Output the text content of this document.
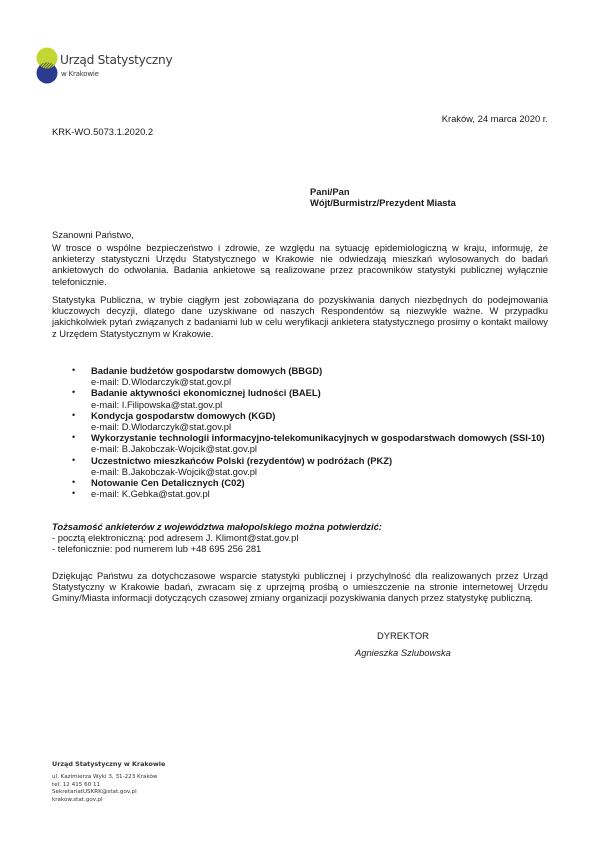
Urząd Statystyczny
w Krakowie
Kraków, 24 marca 2020 r.
KRK-WO.5073.1.2020.2
Pani/Pan
Wójt/Burmistrz/Prezydent Miasta
Szanowni Państwo,
W trosce o wspólne bezpieczeństwo i zdrowie, ze względu na sytuację epidemiologiczną w kraju, informuję, że ankieterzy statystyczni Urzędu Statystycznego w Krakowie nie odwiedzają mieszkań wylosowanych do badań ankietowych do odwołania. Badania ankietowe są realizowane przez pracowników statystyki publicznej wyłącznie telefonicznie.
Statystyka Publiczna, w trybie ciągłym jest zobowiązana do pozyskiwania danych niezbędnych do podejmowania kluczowych decyzji, dlatego dane uzyskiwane od naszych Respondentów są niezwykle ważne. W przypadku jakichkolwiek pytań związanych z badaniami lub w celu weryfikacji ankietera statystycznego prosimy o kontakt mailowy z Urzędem Statystycznym w Krakowie.
• Badanie budżetów gospodarstw domowych (BBGD)
e-mail: D.Wlodarczyk@stat.gov.pl
• Badanie aktywności ekonomicznej ludności (BAEL)
e-mail: I.Filipowska@stat.gov.pl
• Kondycja gospodarstw domowych (KGD)
e-mail: D.Wlodarczyk@stat.gov.pl
• Wykorzystanie technologii informacyjno-telekomunikacyjnych w gospodarstwach domowych (SSI-10)
e-mail: B.Jakobczak-Wojcik@stat.gov.pl
• Uczestnictwo mieszkańców Polski (rezydentów) w podróżach (PKZ)
e-mail: B.Jakobczak-Wojcik@stat.gov.pl
• Notowanie Cen Detalicznych (C02)
• e-mail: K.Gebka@stat.gov.pl
Tożsamość ankieterów z województwa małopolskiego można potwierdzić:
- pocztą elektroniczną: pod adresem J. Klimont@stat.gov.pl
- telefonicznie: pod numerem lub +48 695 256 281
Dziękując Państwu za dotychczasowe wsparcie statystyki publicznej i przychylność dla realizowanych przez Urząd Statystyczny w Krakowie badań, zwracam się z uprzejmą prośbą o umieszczenie na stronie internetowej Urzędu Gminy/Miasta informacji dotyczących czasowej zmiany organizacji pozyskiwania danych przez statystykę publiczną.
DYREKTOR
Agnieszka Szlubowska
Urząd Statystyczny w Krakowie
ul. Kazimierza Wyki 3, 31-223 Kraków
tel. 12 415 60 11
SekretariatUSKRK@stat.gov.pl
krakow.stat.gov.pl
